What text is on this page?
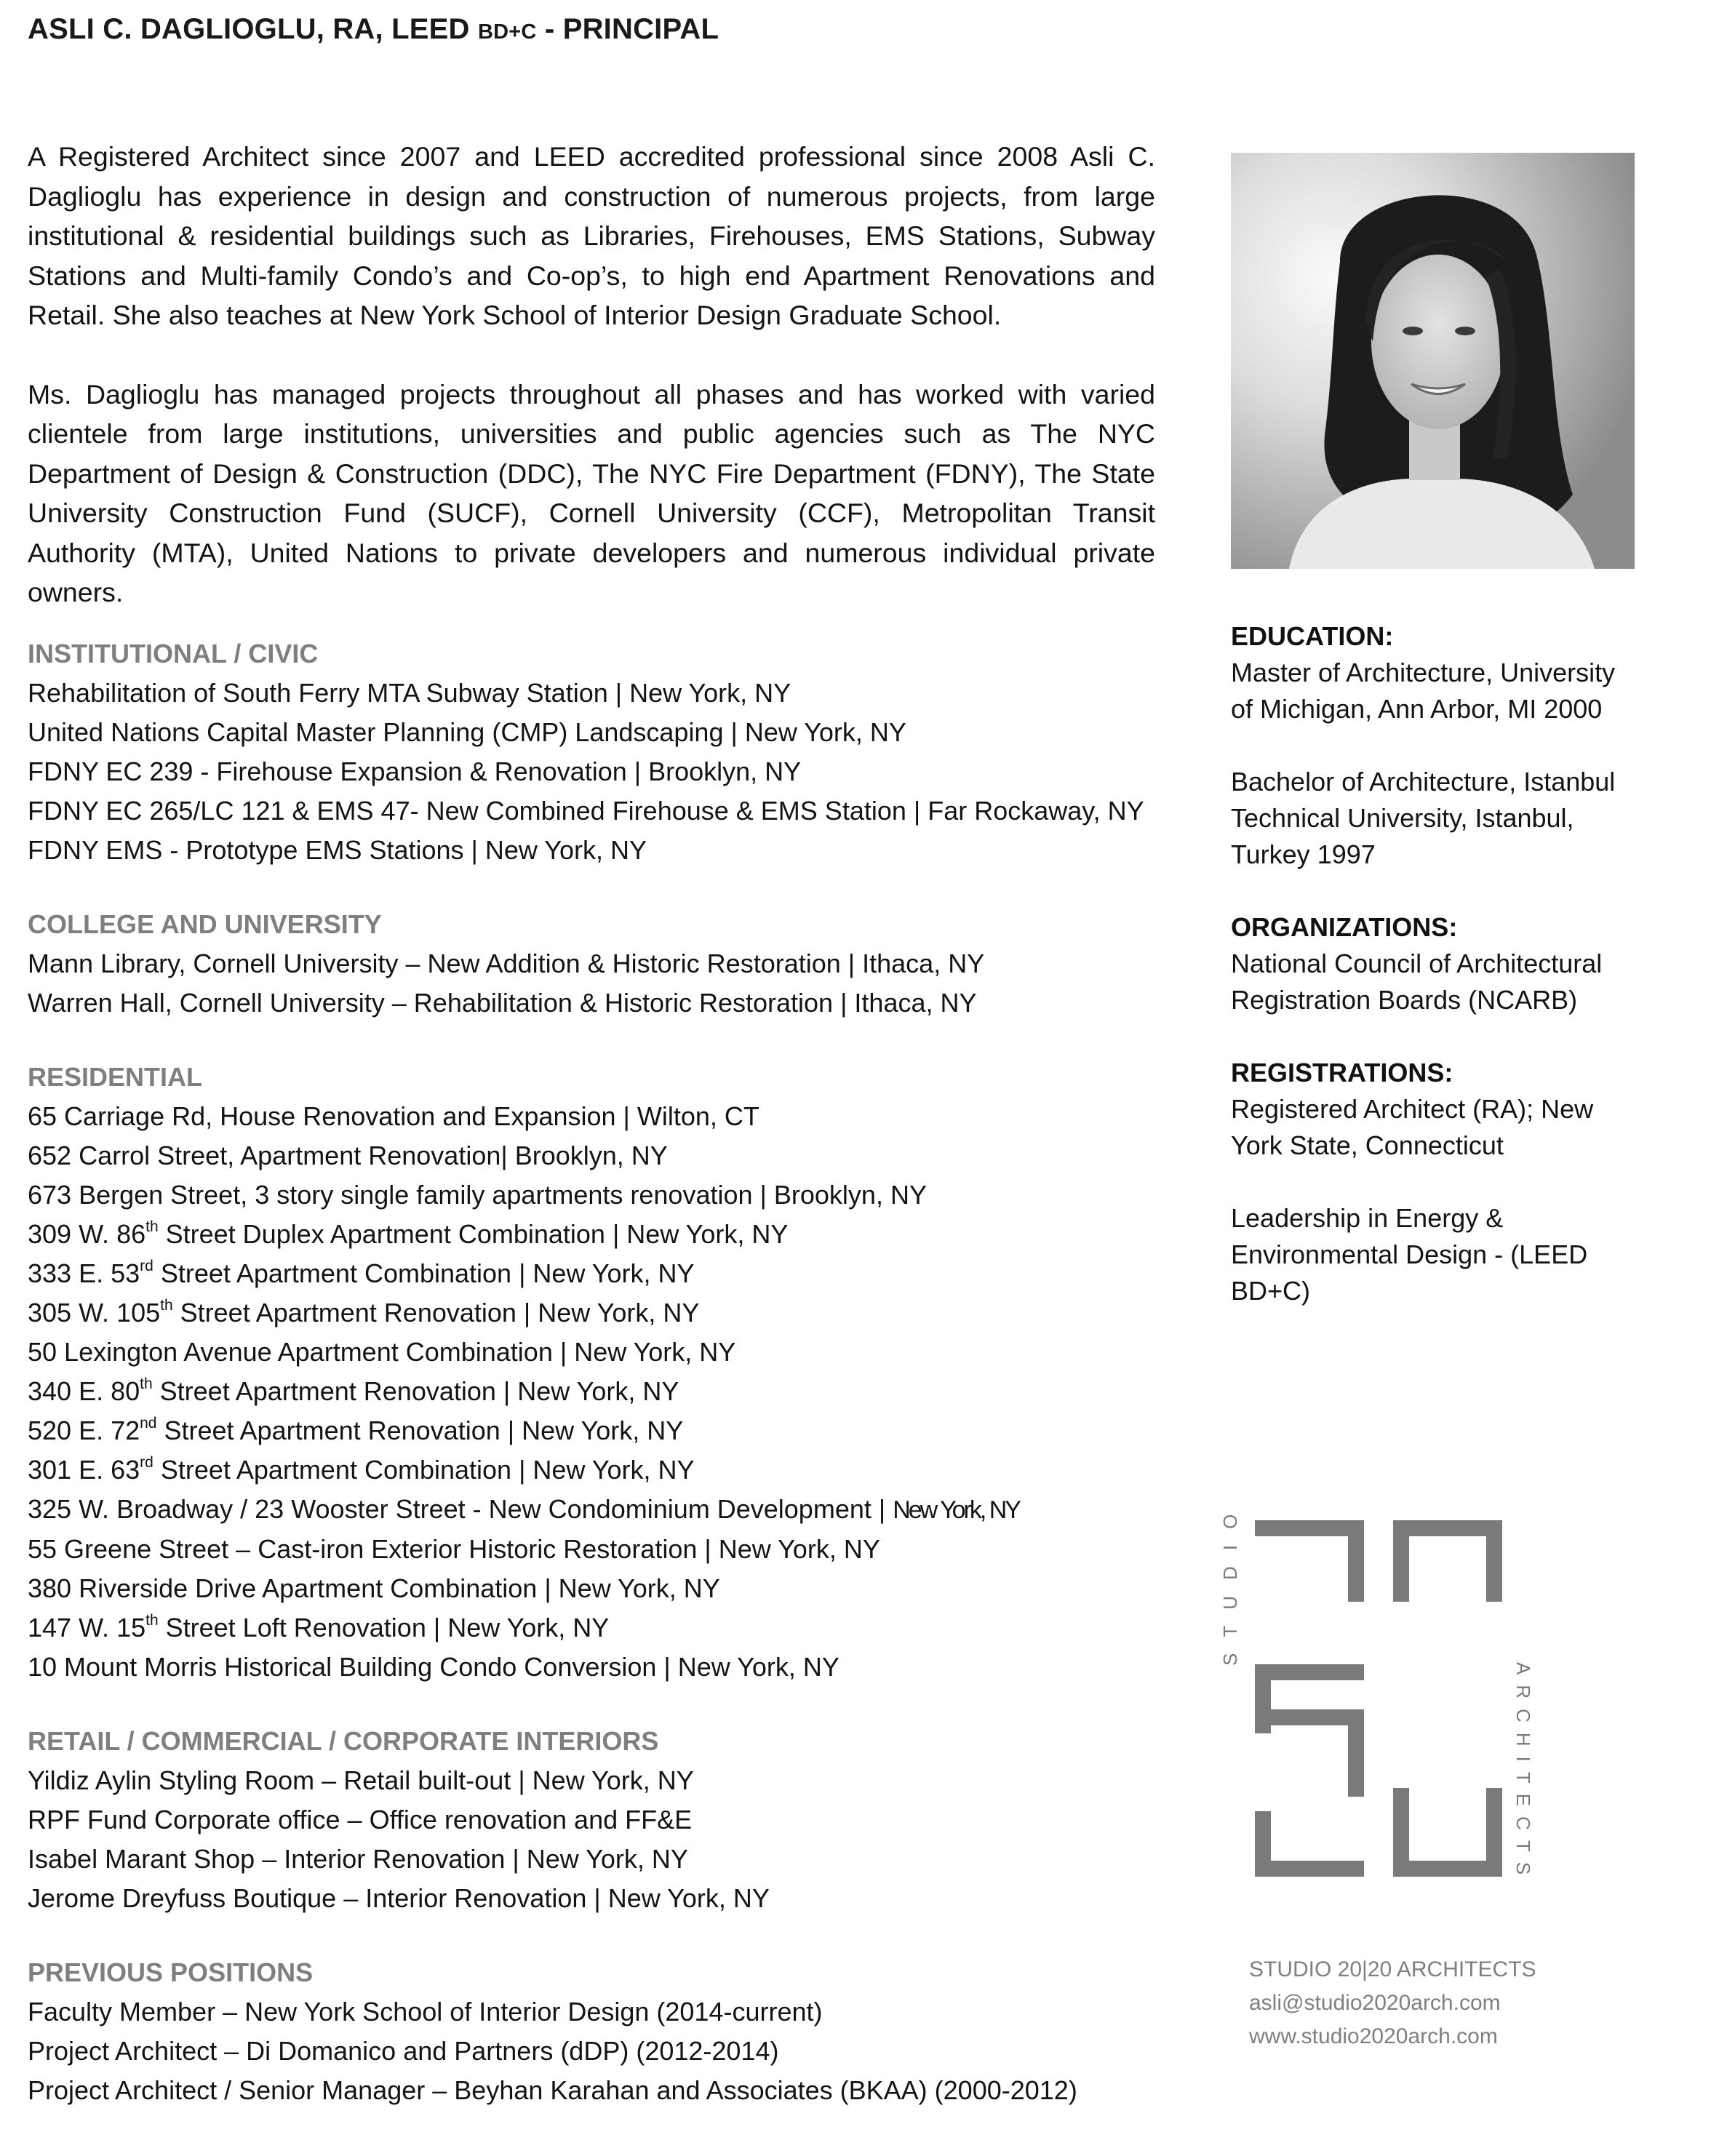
ASLI C. DAGLIOGLU, RA, LEED BD+C - PRINCIPAL

A Registered Architect since 2007 and LEED accredited professional since 2008 Asli C. Daglioglu has experience in design and construction of numerous projects, from large institutional & residential buildings such as Libraries, Firehouses, EMS Stations, Subway Stations and Multi-family Condo’s and Co-op’s, to high end Apartment Renovations and Retail. She also teaches at New York School of Interior Design Graduate School.

Ms. Daglioglu has managed projects throughout all phases and has worked with varied clientele from large institutions, universities and public agencies such as The NYC Department of Design & Construction (DDC), The NYC Fire Department (FDNY), The State University Construction Fund (SUCF), Cornell University (CCF), Metropolitan Transit Authority (MTA), United Nations to private developers and numerous individual private owners.

INSTITUTIONAL / CIVIC
Rehabilitation of South Ferry MTA Subway Station | New York, NY
United Nations Capital Master Planning (CMP) Landscaping | New York, NY
FDNY EC 239 - Firehouse Expansion & Renovation | Brooklyn, NY
FDNY EC 265/LC 121 & EMS 47- New Combined Firehouse & EMS Station | Far Rockaway, NY
FDNY EMS - Prototype EMS Stations | New York, NY
COLLEGE AND UNIVERSITY
Mann Library, Cornell University – New Addition & Historic Restoration | Ithaca, NY
Warren Hall, Cornell University – Rehabilitation & Historic Restoration | Ithaca, NY
RESIDENTIAL
65 Carriage Rd, House Renovation and Expansion | Wilton, CT
652 Carrol Street, Apartment Renovation| Brooklyn, NY
673 Bergen Street, 3 story single family apartments renovation | Brooklyn, NY
309 W. 86th Street Duplex Apartment Combination | New York, NY
333 E. 53rd Street Apartment Combination | New York, NY
305 W. 105th Street Apartment Renovation | New York, NY
50 Lexington Avenue Apartment Combination | New York, NY
340 E. 80th Street Apartment Renovation | New York, NY
520 E. 72nd Street Apartment Renovation | New York, NY
301 E. 63rd Street Apartment Combination | New York, NY
325 W. Broadway / 23 Wooster Street - New Condominium Development | New York, NY
55 Greene Street – Cast-iron Exterior Historic Restoration | New York, NY
380 Riverside Drive Apartment Combination | New York, NY
147 W. 15th Street Loft Renovation | New York, NY
10 Mount Morris Historical Building Condo Conversion | New York, NY
RETAIL / COMMERCIAL / CORPORATE INTERIORS
Yildiz Aylin Styling Room – Retail built-out | New York, NY
RPF Fund Corporate office – Office renovation and FF&E
Isabel Marant Shop – Interior Renovation | New York, NY
Jerome Dreyfuss Boutique – Interior Renovation | New York, NY
PREVIOUS POSITIONS
Faculty Member – New York School of Interior Design (2014-current)
Project Architect – Di Domanico and Partners (dDP) (2012-2014)
Project Architect / Senior Manager – Beyhan Karahan and Associates (BKAA) (2000-2012)
EDUCATION:
Master of Architecture, University
of Michigan, Ann Arbor, MI 2000
Bachelor of Architecture, Istanbul
Technical University, Istanbul,
Turkey 1997
ORGANIZATIONS:
National Council of Architectural
Registration Boards (NCARB)
REGISTRATIONS:
Registered Architect (RA); New
York State, Connecticut
Leadership in Energy &
Environmental Design - (LEED
BD+C)
STUDIO
ARCHITECTS
STUDIO 20|20 ARCHITECTS
asli@studio2020arch.com
www.studio2020arch.com
